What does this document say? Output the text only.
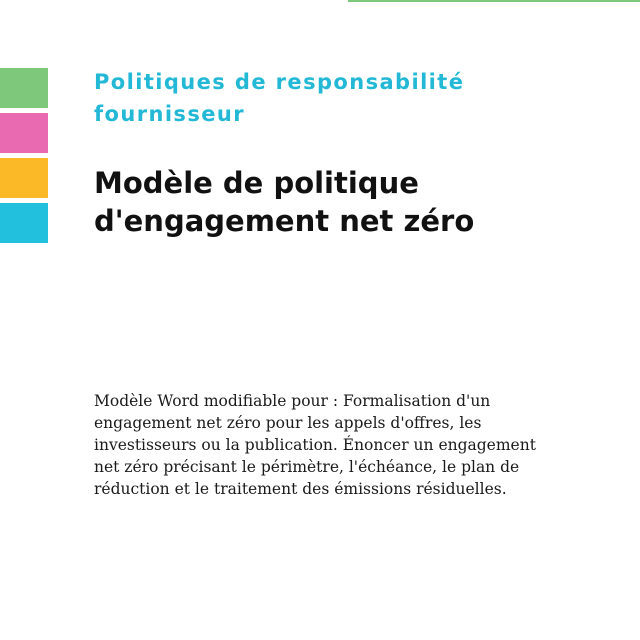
Politiques de responsabilité fournisseur
Modèle de politique d'engagement net zéro

Modèle Word modifiable pour : Formalisation d'un engagement net zéro pour les appels d'offres, les investisseurs ou la publication. Énoncer un engagement net zéro précisant le périmètre, l'échéance, le plan de réduction et le traitement des émissions résiduelles.
